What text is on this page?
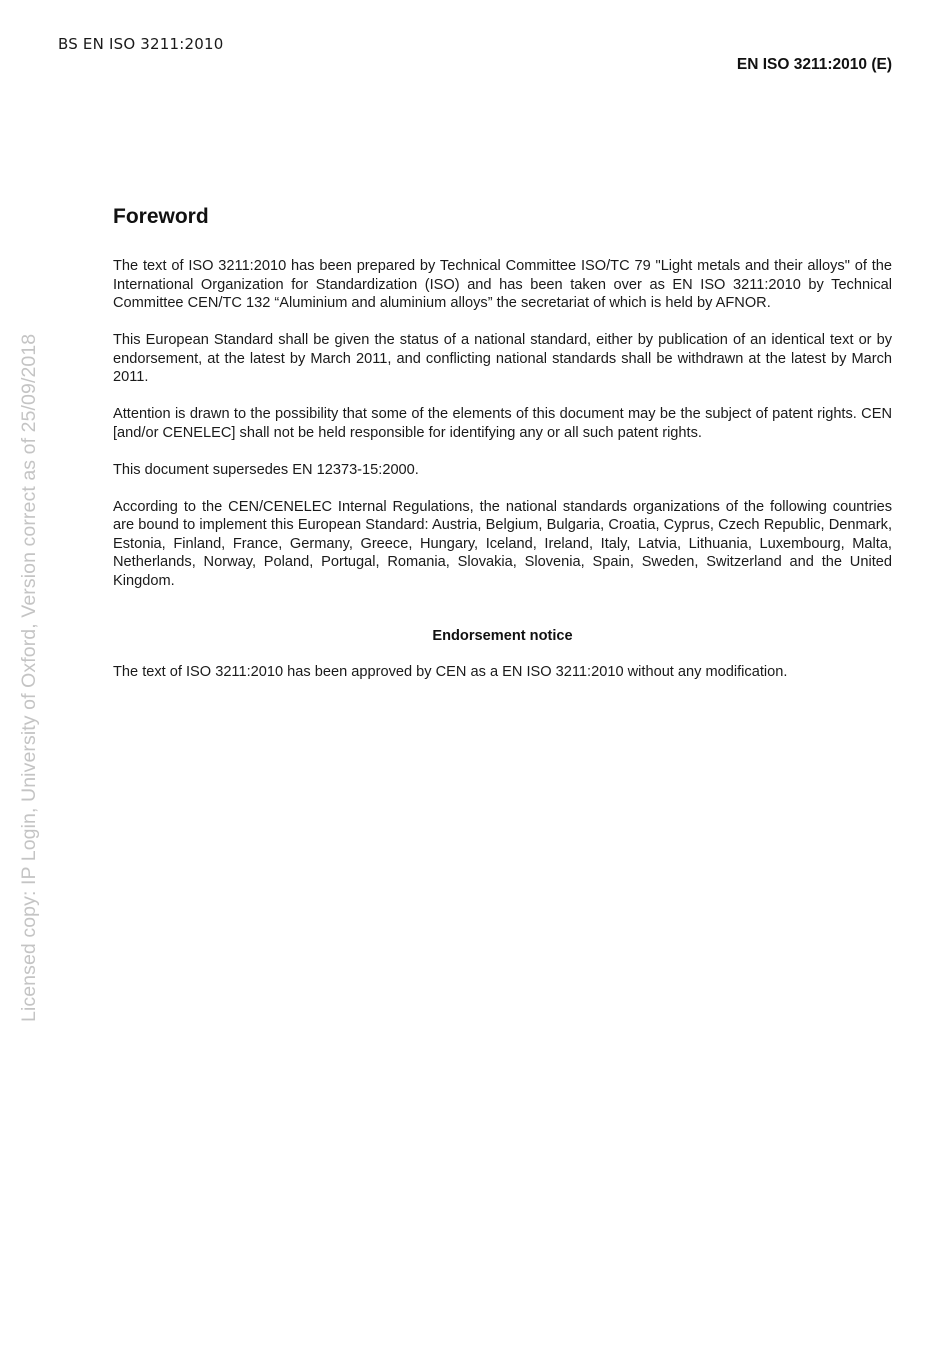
BS EN ISO 3211:2010
EN ISO 3211:2010 (E)
Licensed copy: IP Login, University of Oxford, Version correct as of 25/09/2018
Foreword

The text of ISO 3211:2010 has been prepared by Technical Committee ISO/TC 79 "Light metals and their alloys" of the International Organization for Standardization (ISO) and has been taken over as EN ISO 3211:2010 by Technical Committee CEN/TC 132 “Aluminium and aluminium alloys” the secretariat of which is held by AFNOR.

This European Standard shall be given the status of a national standard, either by publication of an identical text or by endorsement, at the latest by March 2011, and conflicting national standards shall be withdrawn at the latest by March 2011.

Attention is drawn to the possibility that some of the elements of this document may be the subject of patent rights. CEN [and/or CENELEC] shall not be held responsible for identifying any or all such patent rights.

This document supersedes EN 12373-15:2000.

According to the CEN/CENELEC Internal Regulations, the national standards organizations of the following countries are bound to implement this European Standard: Austria, Belgium, Bulgaria, Croatia, Cyprus, Czech Republic, Denmark, Estonia, Finland, France, Germany, Greece, Hungary, Iceland, Ireland, Italy, Latvia, Lithuania, Luxembourg, Malta, Netherlands, Norway, Poland, Portugal, Romania, Slovakia, Slovenia, Spain, Sweden, Switzerland and the United Kingdom.

Endorsement notice

The text of ISO 3211:2010 has been approved by CEN as a EN ISO 3211:2010 without any modification.
